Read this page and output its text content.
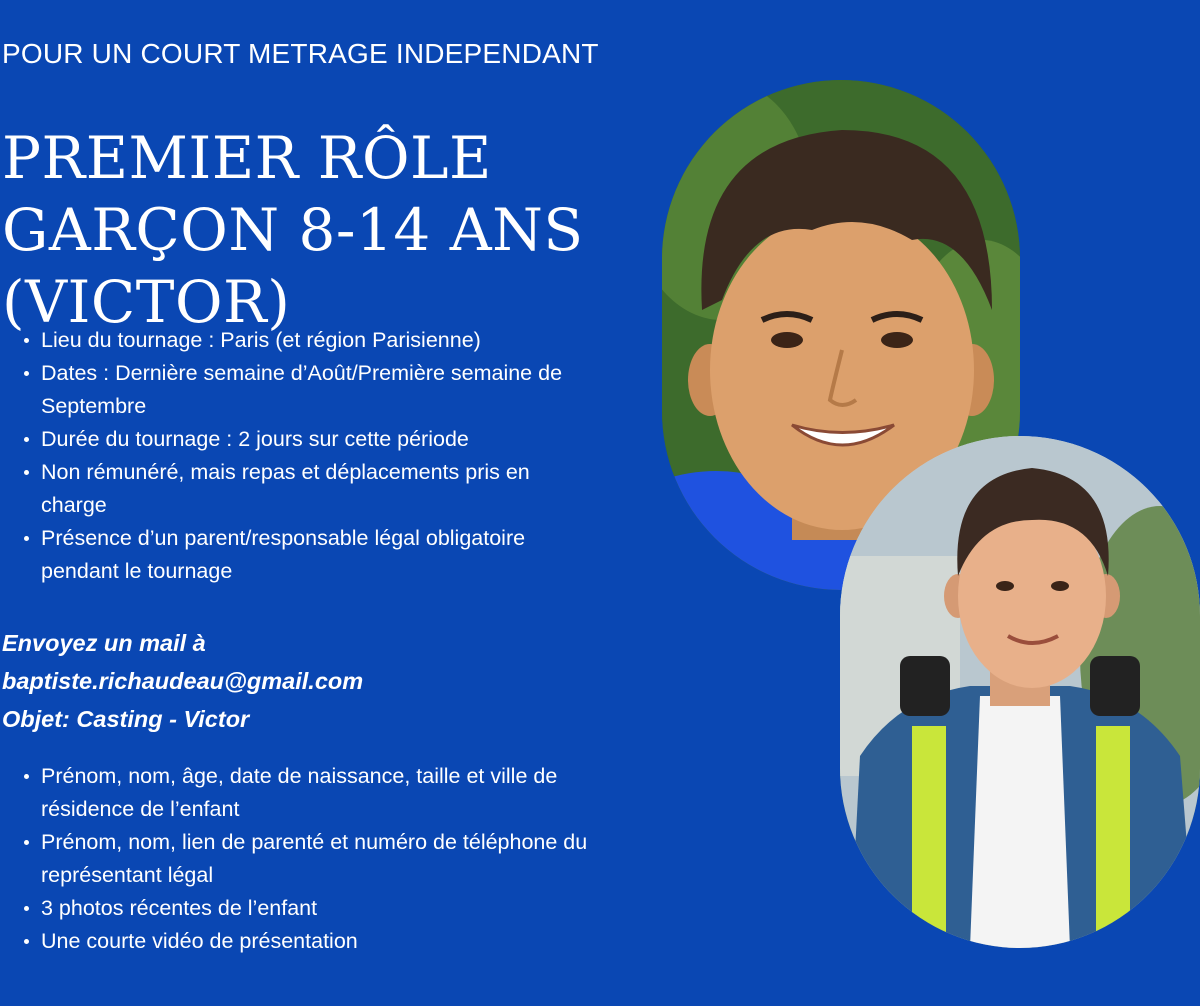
POUR UN COURT METRAGE INDEPENDANT
PREMIER RÔLE
GARÇON 8-14 ANS
(VICTOR)
Lieu du tournage : Paris (et région Parisienne)
Dates : Dernière semaine d’Août/Première semaine de Septembre
Durée du tournage : 2 jours sur cette période
Non rémunéré, mais repas et déplacements pris en charge
Présence d’un parent/responsable légal obligatoire pendant le tournage
Envoyez un mail à
baptiste.richaudeau@gmail.com
Objet: Casting - Victor
Prénom, nom, âge, date de naissance, taille et ville de résidence de l’enfant
Prénom, nom, lien de parenté et numéro de téléphone du représentant légal
3 photos récentes de l’enfant
Une courte vidéo de présentation
